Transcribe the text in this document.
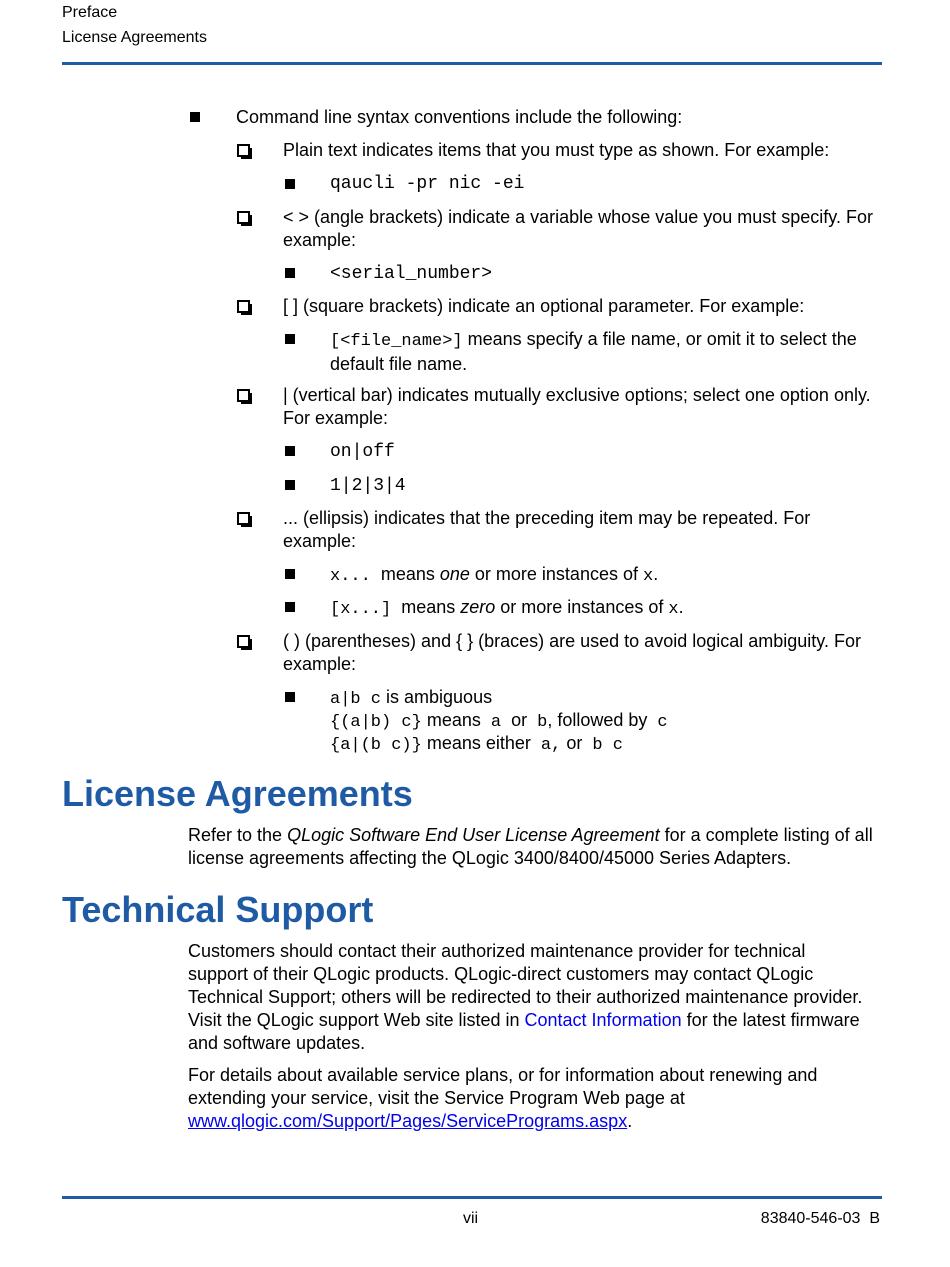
Preface
License Agreements
Command line syntax conventions include the following:
Plain text indicates items that you must type as shown. For example:
qaucli -pr nic -ei
< > (angle brackets) indicate a variable whose value you must specify. For example:
<serial_number>
[ ] (square brackets) indicate an optional parameter. For example:
[<file_name>] means specify a file name, or omit it to select the default file name.
| (vertical bar) indicates mutually exclusive options; select one option only. For example:
on|off
1|2|3|4
... (ellipsis) indicates that the preceding item may be repeated. For example:
x... means one or more instances of x.
[x...] means zero or more instances of x.
( ) (parentheses) and { } (braces) are used to avoid logical ambiguity. For example:
a|b c is ambiguous
{(a|b) c} means  a  or  b, followed by  c
{a|(b c)} means either  a, or  b c
License Agreements
Refer to the QLogic Software End User License Agreement for a complete listing of all license agreements affecting the QLogic 3400/8400/45000 Series Adapters.
Technical Support
Customers should contact their authorized maintenance provider for technical support of their QLogic products. QLogic-direct customers may contact QLogic Technical Support; others will be redirected to their authorized maintenance provider. Visit the QLogic support Web site listed in Contact Information for the latest firmware and software updates.
For details about available service plans, or for information about renewing and extending your service, visit the Service Program Web page at www.qlogic.com/Support/Pages/ServicePrograms.aspx.
vii	83840-546-03  B
